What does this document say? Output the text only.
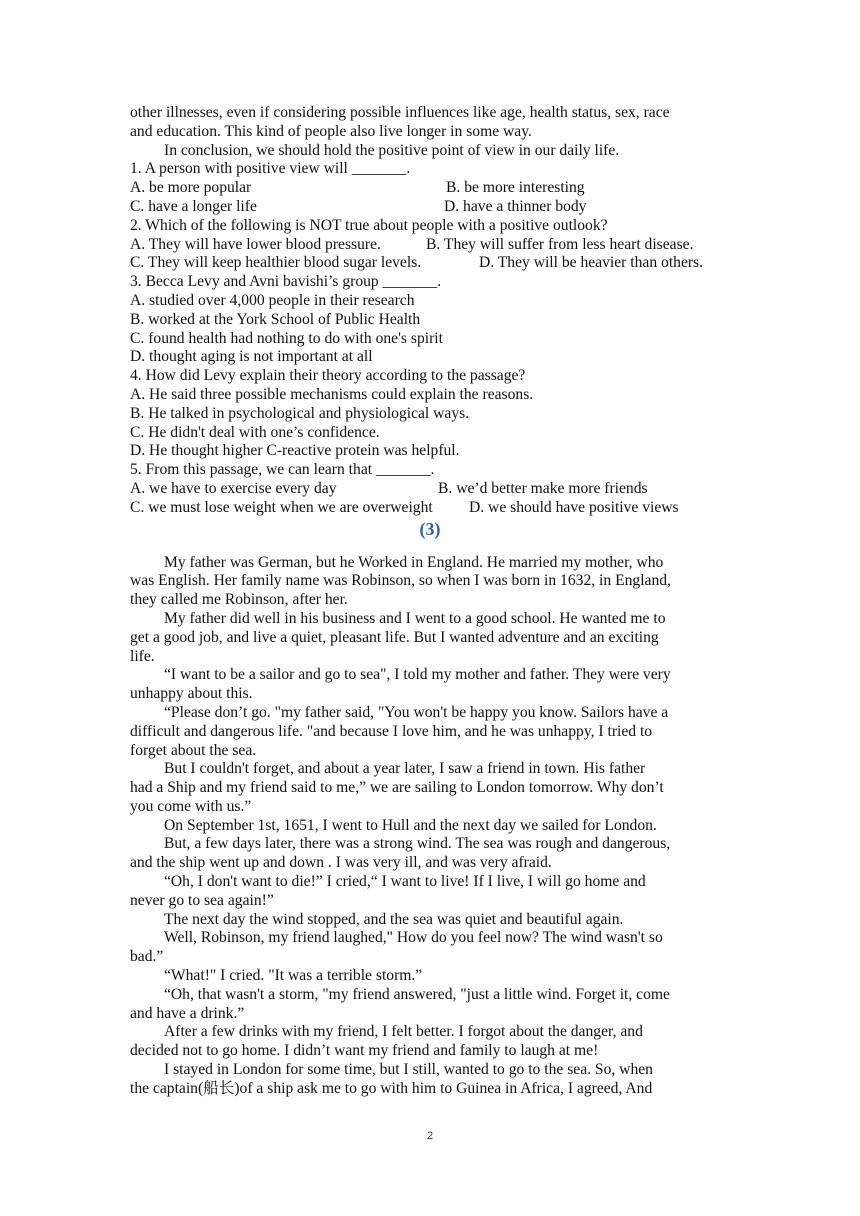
other illnesses, even if considering possible influences like age, health status, sex, race
and education. This kind of people also live longer in some way.
In conclusion, we should hold the positive point of view in our daily life.
1. A person with positive view will _______.
A. be more popular	B. be more interesting
C. have a longer life	D. have a thinner body
2. Which of the following is NOT true about people with a positive outlook?
A. They will have lower blood pressure.	B. They will suffer from less heart disease.
C. They will keep healthier blood sugar levels.	D. They will be heavier than others.
3. Becca Levy and Avni bavishi’s group _______.
A. studied over 4,000 people in their research
B. worked at the York School of Public Health
C. found health had nothing to do with one's spirit
D. thought aging is not important at all
4. How did Levy explain their theory according to the passage?
A. He said three possible mechanisms could explain the reasons.
B. He talked in psychological and physiological ways.
C. He didn't deal with one’s confidence.
D. He thought higher C-reactive protein was helpful.
5. From this passage, we can learn that _______.
A. we have to exercise every day	B. we’d better make more friends
C. we must lose weight when we are overweight D. we should have positive views
(3)
My father was German, but he Worked in England. He married my mother, who
was English. Her family name was Robinson, so when I was born in 1632, in England,
they called me Robinson, after her.
My father did well in his business and I went to a good school. He wanted me to
get a good job, and live a quiet, pleasant life. But I wanted adventure and an exciting
life.
“I want to be a sailor and go to sea", I told my mother and father. They were very
unhappy about this.
“Please don’t go. "my father said, "You won't be happy you know. Sailors have a
difficult and dangerous life. "and because I love him, and he was unhappy, I tried to
forget about the sea.
But I couldn't forget, and about a year later, I saw a friend in town. His father
had a Ship and my friend said to me,” we are sailing to London tomorrow. Why don’t
you come with us.”
On September 1st, 1651, I went to Hull and the next day we sailed for London.
But, a few days later, there was a strong wind. The sea was rough and dangerous,
and the ship went up and down . I was very ill, and was very afraid.
“Oh, I don't want to die!” I cried,“ I want to live! If I live, I will go home and
never go to sea again!”
The next day the wind stopped, and the sea was quiet and beautiful again.
Well, Robinson, my friend laughed," How do you feel now? The wind wasn't so
bad.”
“What!" I cried. "It was a terrible storm.”
“Oh, that wasn't a storm, "my friend answered, "just a little wind. Forget it, come
and have a drink.”
After a few drinks with my friend, I felt better. I forgot about the danger, and
decided not to go home. I didn’t want my friend and family to laugh at me!
I stayed in London for some time, but I still, wanted to go to the sea. So, when
the captain(船长)of a ship ask me to go with him to Guinea in Africa, I agreed, And
2
